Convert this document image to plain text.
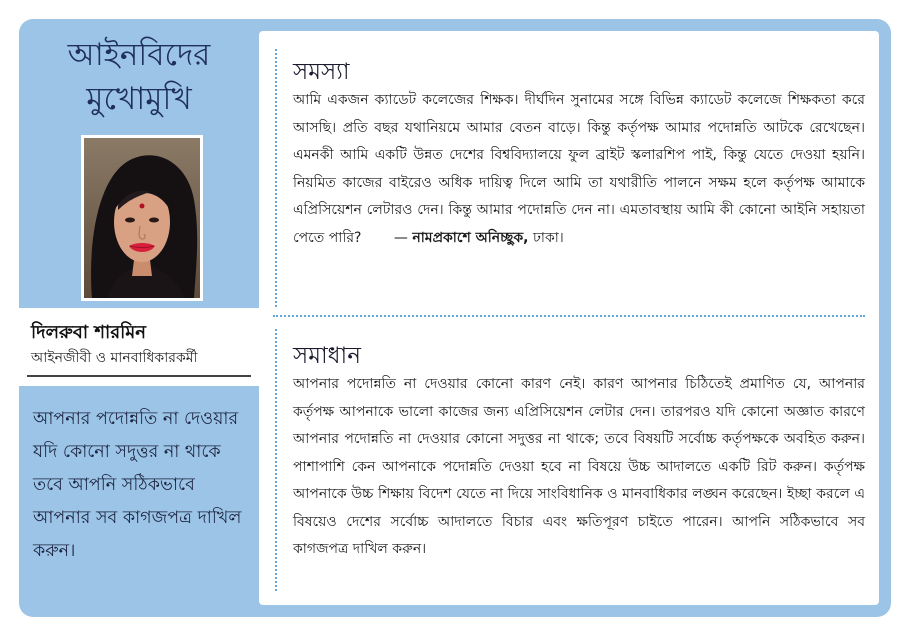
আইনবিদের
মুখোমুখি
দিলরুবা শারমিন
আইনজীবী ও মানবাধিকারকর্মী
আপনার পদোন্নতি না দেওয়ার যদি কোনো সদুত্তর না থাকে তবে আপনি সঠিকভাবে আপনার সব কাগজপত্র দাখিল করুন।
সমস্যা
আমি একজন ক্যাডেট কলেজের শিক্ষক। দীর্ঘদিন সুনামের সঙ্গে বিভিন্ন ক্যাডেট কলেজে শিক্ষকতা করে আসছি। প্রতি বছর যথানিয়মে আমার বেতন বাড়ে। কিন্তু কর্তৃপক্ষ আমার পদোন্নতি আটকে রেখেছেন। এমনকী আমি একটি উন্নত দেশের বিশ্ববিদ্যালয়ে ফুল ব্রাইট স্কলারশিপ পাই, কিন্তু যেতে দেওয়া হয়নি। নিয়মিত কাজের বাইরেও অধিক দায়িত্ব দিলে আমি তা যথারীতি পালনে সক্ষম হলে কর্তৃপক্ষ আমাকে এপ্রিসিয়েশন লেটারও দেন। কিন্তু আমার পদোন্নতি দেন না। এমতাবস্থায় আমি কী কোনো আইনি সহায়তা পেতে পারি? — নামপ্রকাশে অনিচ্ছুক, ঢাকা।
সমাধান
আপনার পদোন্নতি না দেওয়ার কোনো কারণ নেই। কারণ আপনার চিঠিতেই প্রমাণিত যে, আপনার কর্তৃপক্ষ আপনাকে ভালো কাজের জন্য এপ্রিসিয়েশন লেটার দেন। তারপরও যদি কোনো অজ্ঞাত কারণে আপনার পদোন্নতি না দেওয়ার কোনো সদুত্তর না থাকে; তবে বিষয়টি সর্বোচ্চ কর্তৃপক্ষকে অবহিত করুন। পাশাপাশি কেন আপনাকে পদোন্নতি দেওয়া হবে না বিষয়ে উচ্চ আদালতে একটি রিট করুন। কর্তৃপক্ষ আপনাকে উচ্চ শিক্ষায় বিদেশ যেতে না দিয়ে সাংবিধানিক ও মানবাধিকার লঙ্ঘন করেছেন। ইচ্ছা করলে এ বিষয়েও দেশের সর্বোচ্চ আদালতে বিচার এবং ক্ষতিপূরণ চাইতে পারেন। আপনি সঠিকভাবে সব কাগজপত্র দাখিল করুন।
